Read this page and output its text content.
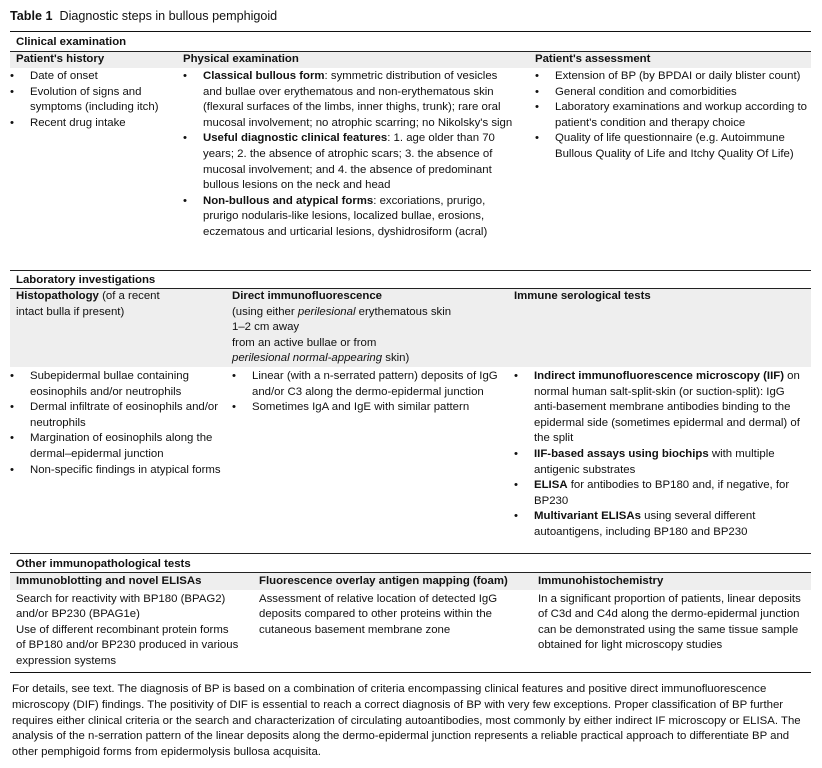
Table 1 Diagnostic steps in bullous pemphigoid
Clinical examination
Patient's history
• Date of onset
• Evolution of signs and symptoms (including itch)
• Recent drug intake
Physical examination
• Classical bullous form: symmetric distribution of vesicles and bullae over erythematous and non-erythematous skin (flexural surfaces of the limbs, inner thighs, trunk); rare oral mucosal involvement; no atrophic scarring; no Nikolsky's sign
• Useful diagnostic clinical features: 1. age older than 70 years; 2. the absence of atrophic scars; 3. the absence of mucosal involvement; and 4. the absence of predominant bullous lesions on the neck and head
• Non-bullous and atypical forms: excoriations, prurigo, prurigo nodularis-like lesions, localized bullae, erosions, eczematous and urticarial lesions, dyshidrosiform (acral)
Patient's assessment
• Extension of BP (by BPDAI or daily blister count)
• General condition and comorbidities
• Laboratory examinations and workup according to patient's condition and therapy choice
• Quality of life questionnaire (e.g. Autoimmune Bullous Quality of Life and Itchy Quality Of Life)
Laboratory investigations
Histopathology (of a recent intact bulla if present)
Direct immunofluorescence
(using either perilesional erythematous skin
1–2 cm away
from an active bullae or from
perilesional normal-appearing skin)
Immune serological tests
• Subepidermal bullae containing eosinophils and/or neutrophils
• Dermal infiltrate of eosinophils and/or neutrophils
• Margination of eosinophils along the dermal–epidermal junction
• Non-specific findings in atypical forms
• Linear (with a n-serrated pattern) deposits of IgG and/or C3 along the dermo-epidermal junction
• Sometimes IgA and IgE with similar pattern
• Indirect immunofluorescence microscopy (IIF) on normal human salt-split-skin (or suction-split): IgG anti-basement membrane antibodies binding to the epidermal side (sometimes epidermal and dermal) of the split
• IIF-based assays using biochips with multiple antigenic substrates
• ELISA for antibodies to BP180 and, if negative, for BP230
• Multivariant ELISAs using several different autoantigens, including BP180 and BP230
Other immunopathological tests
Immunoblotting and novel ELISAs
Search for reactivity with BP180 (BPAG2) and/or BP230 (BPAG1e)
Use of different recombinant protein forms of BP180 and/or BP230 produced in various expression systems
Fluorescence overlay antigen mapping (foam)
Assessment of relative location of detected IgG deposits compared to other proteins within the cutaneous basement membrane zone
Immunohistochemistry
In a significant proportion of patients, linear deposits of C3d and C4d along the dermo-epidermal junction can be demonstrated using the same tissue sample obtained for light microscopy studies
For details, see text. The diagnosis of BP is based on a combination of criteria encompassing clinical features and positive direct immunofluorescence microscopy (DIF) findings. The positivity of DIF is essential to reach a correct diagnosis of BP with very few exceptions. Proper classification of BP further requires either clinical criteria or the search and characterization of circulating autoantibodies, most commonly by either indirect IF microscopy or ELISA. The analysis of the n-serration pattern of the linear deposits along the dermo-epidermal junction represents a reliable practical approach to differentiate BP and other pemphigoid forms from epidermolysis bullosa acquisita.
